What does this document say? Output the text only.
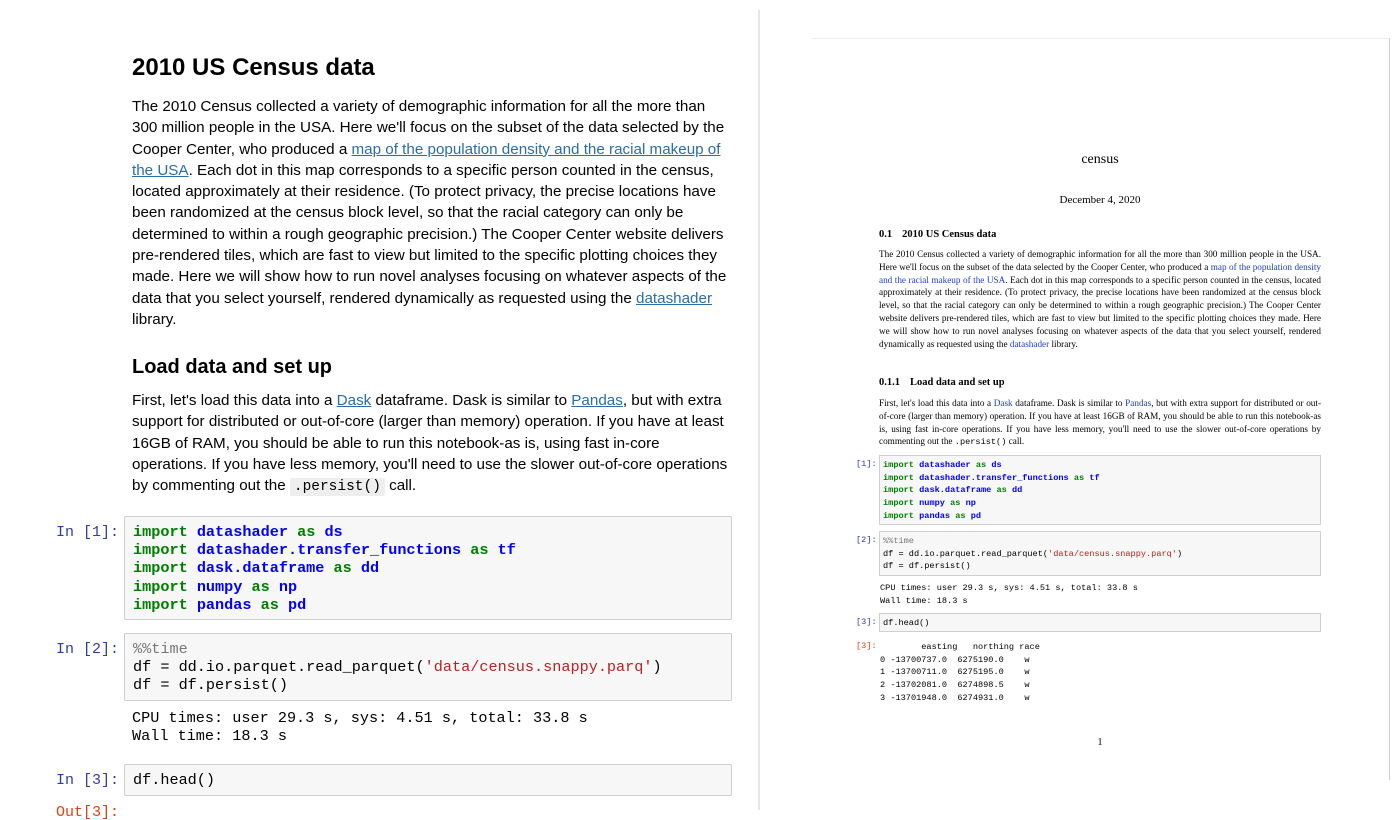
2010 US Census data

The 2010 Census collected a variety of demographic information for all the more than 300 million people in the USA. Here we'll focus on the subset of the data selected by the Cooper Center, who produced a map of the population density and the racial makeup of the USA. Each dot in this map corresponds to a specific person counted in the census, located approximately at their residence. (To protect privacy, the precise locations have been randomized at the census block level, so that the racial category can only be determined to within a rough geographic precision.) The Cooper Center website delivers pre-rendered tiles, which are fast to view but limited to the specific plotting choices they made. Here we will show how to run novel analyses focusing on whatever aspects of the data that you select yourself, rendered dynamically as requested using the datashader library.

Load data and set up

First, let's load this data into a Dask dataframe. Dask is similar to Pandas, but with extra support for distributed or out-of-core (larger than memory) operation. If you have at least 16GB of RAM, you should be able to run this notebook-as is, using fast in-core operations. If you have less memory, you'll need to use the slower out-of-core operations by commenting out the .persist() call.

In [1]: import datashader as ds
import datashader.transfer_functions as tf
import dask.dataframe as dd
import numpy as np
import pandas as pd
In [2]: %%time
df = dd.io.parquet.read_parquet('data/census.snappy.parq')
df = df.persist()
CPU times: user 29.3 s, sys: 4.51 s, total: 33.8 s
Wall time: 18.3 s
In [3]: df.head()
Out[3]:
census
December 4, 2020
0.1 2010 US Census data

The 2010 Census collected a variety of demographic information for all the more than 300 million people in the USA. Here we'll focus on the subset of the data selected by the Cooper Center, who produced a map of the population density and the racial makeup of the USA. Each dot in this map corresponds to a specific person counted in the census, located approximately at their residence. (To protect privacy, the precise locations have been randomized at the census block level, so that the racial category can only be determined to within a rough geographic precision.) The Cooper Center website delivers pre-rendered tiles, which are fast to view but limited to the specific plotting choices they made. Here we will show how to run novel analyses focusing on whatever aspects of the data that you select yourself, rendered dynamically as requested using the datashader library.

0.1.1 Load data and set up

First, let's load this data into a Dask dataframe. Dask is similar to Pandas, but with extra support for distributed or out-of-core (larger than memory) operation. If you have at least 16GB of RAM, you should be able to run this notebook-as is, using fast in-core operations. If you have less memory, you'll need to use the slower out-of-core operations by commenting out the .persist() call.

[1]: import datashader as ds
import datashader.transfer_functions as tf
import dask.dataframe as dd
import numpy as np
import pandas as pd
[2]: %%time
df = dd.io.parquet.read_parquet('data/census.snappy.parq')
df = df.persist()
CPU times: user 29.3 s, sys: 4.51 s, total: 33.8 s
Wall time: 18.3 s
[3]: df.head()
[3]: easting   northing race
0 -13700737.0  6275190.0    w
1 -13700711.0  6275195.0    w
2 -13702081.0  6274898.5    w
3 -13701948.0  6274931.0    w
1
